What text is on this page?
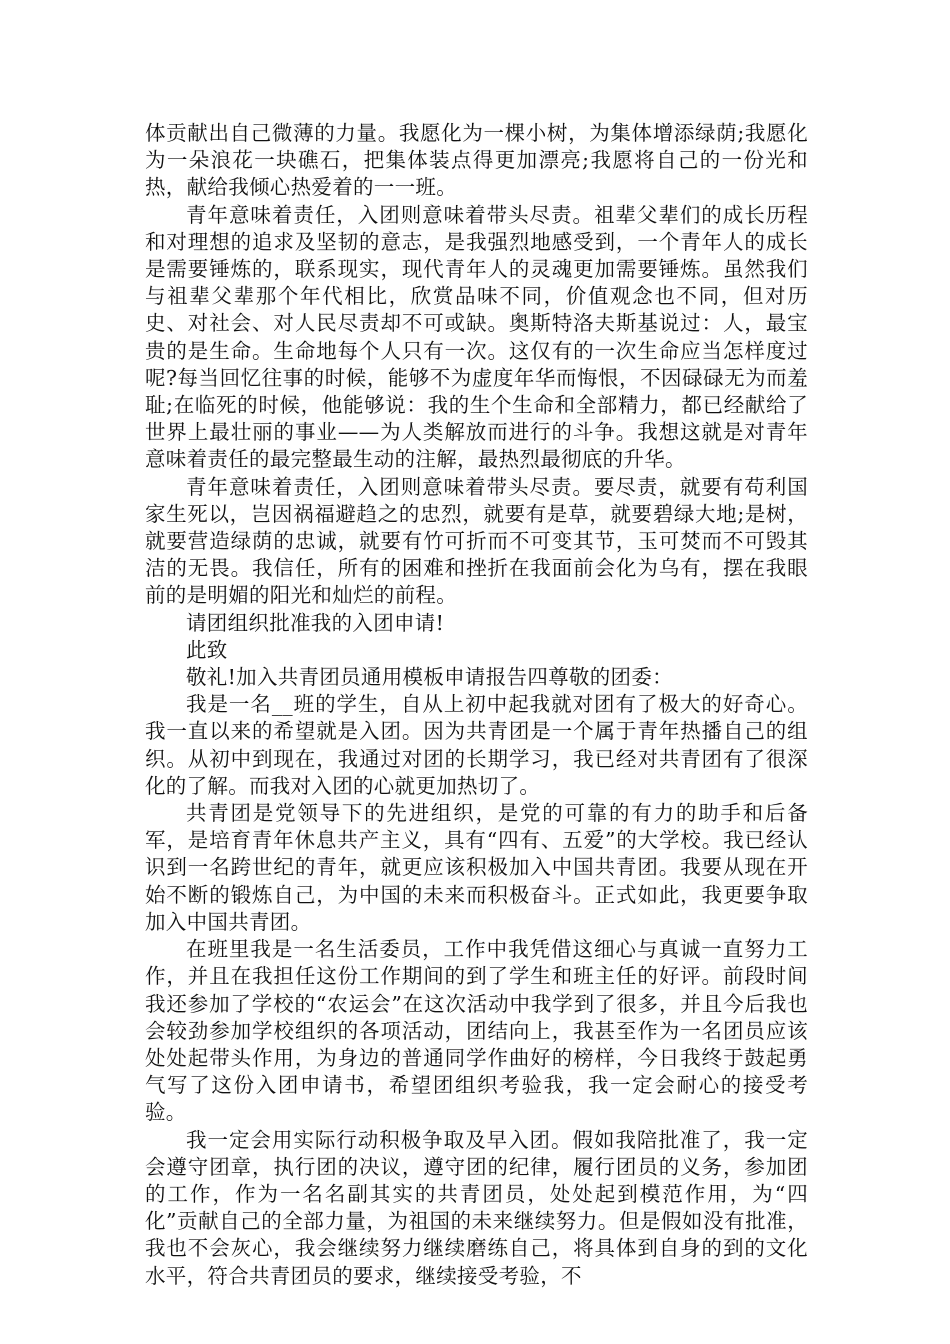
体贡献出自己微薄的力量。我愿化为一棵小树，为集体增添绿荫;我愿化为一朵浪花一块礁石，把集体装点得更加漂亮;我愿将自己的一份光和热，献给我倾心热爱着的一一班。

青年意味着责任，入团则意味着带头尽责。祖辈父辈们的成长历程和对理想的追求及坚韧的意志，是我强烈地感受到，一个青年人的成长是需要锤炼的，联系现实，现代青年人的灵魂更加需要锤炼。虽然我们与祖辈父辈那个年代相比，欣赏品味不同，价值观念也不同，但对历史、对社会、对人民尽责却不可或缺。奥斯特洛夫斯基说过：人，最宝贵的是生命。生命地每个人只有一次。这仅有的一次生命应当怎样度过呢?每当回忆往事的时候，能够不为虚度年华而悔恨，不因碌碌无为而羞耻;在临死的时候，他能够说：我的生个生命和全部精力，都已经献给了世界上最壮丽的事业——为人类解放而进行的斗争。我想这就是对青年意味着责任的最完整最生动的注解，最热烈最彻底的升华。

青年意味着责任，入团则意味着带头尽责。要尽责，就要有苟利国家生死以，岂因祸福避趋之的忠烈，就要有是草，就要碧绿大地;是树，就要营造绿荫的忠诚，就要有竹可折而不可变其节，玉可焚而不可毁其洁的无畏。我信任，所有的困难和挫折在我面前会化为乌有，摆在我眼前的是明媚的阳光和灿烂的前程。

请团组织批准我的入团申请!

此致

敬礼!加入共青团员通用模板申请报告四尊敬的团委：

我是一名__班的学生，自从上初中起我就对团有了极大的好奇心。我一直以来的希望就是入团。因为共青团是一个属于青年热播自己的组织。从初中到现在，我通过对团的长期学习，我已经对共青团有了很深化的了解。而我对入团的心就更加热切了。

共青团是党领导下的先进组织，是党的可靠的有力的助手和后备军，是培育青年休息共产主义，具有“四有、五爱”的大学校。我已经认识到一名跨世纪的青年，就更应该积极加入中国共青团。我要从现在开始不断的锻炼自己，为中国的未来而积极奋斗。正式如此，我更要争取加入中国共青团。

在班里我是一名生活委员，工作中我凭借这细心与真诚一直努力工作，并且在我担任这份工作期间的到了学生和班主任的好评。前段时间我还参加了学校的“农运会”在这次活动中我学到了很多，并且今后我也会较劲参加学校组织的各项活动，团结向上，我甚至作为一名团员应该处处起带头作用，为身边的普通同学作曲好的榜样，今日我终于鼓起勇气写了这份入团申请书，希望团组织考验我，我一定会耐心的接受考验。

我一定会用实际行动积极争取及早入团。假如我陪批准了，我一定会遵守团章，执行团的决议，遵守团的纪律，履行团员的义务，参加团的工作，作为一名名副其实的共青团员，处处起到模范作用，为“四化”贡献自己的全部力量，为祖国的未来继续努力。但是假如没有批准，我也不会灰心，我会继续努力继续磨练自己，将具体到自身的到的文化水平，符合共青团员的要求，继续接受考验，不
